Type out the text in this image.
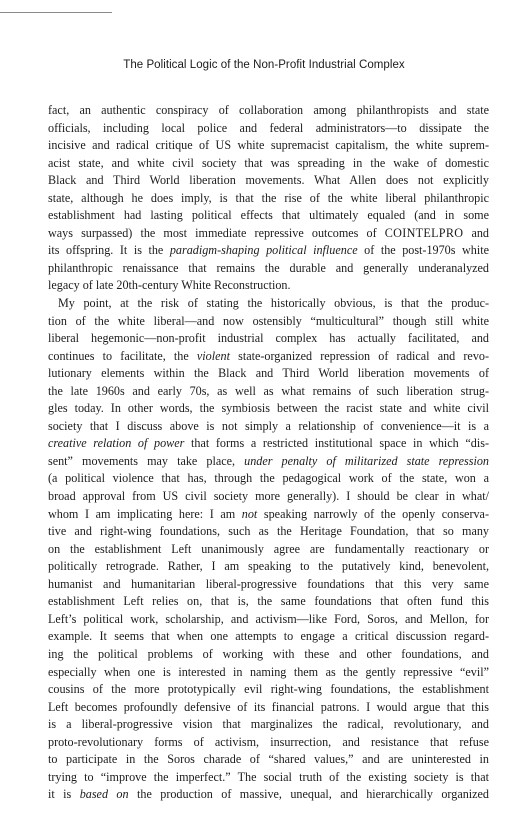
The Political Logic of the Non-Profit Industrial Complex
fact, an authentic conspiracy of collaboration among philanthropists and state
officials, including local police and federal administrators—to dissipate the
incisive and radical critique of US white supremacist capitalism, the white suprem-
acist state, and white civil society that was spreading in the wake of domestic
Black and Third World liberation movements. What Allen does not explicitly
state, although he does imply, is that the rise of the white liberal philanthropic
establishment had lasting political effects that ultimately equaled (and in some
ways surpassed) the most immediate repressive outcomes of COINTELPRO and
its offspring. It is the paradigm-shaping political influence of the post-1970s white
philanthropic renaissance that remains the durable and generally underanalyzed
legacy of late 20th-century White Reconstruction.
My point, at the risk of stating the historically obvious, is that the produc-
tion of the white liberal—and now ostensibly “multicultural” though still white
liberal hegemonic—non-profit industrial complex has actually facilitated, and
continues to facilitate, the violent state-organized repression of radical and revo-
lutionary elements within the Black and Third World liberation movements of
the late 1960s and early 70s, as well as what remains of such liberation strug-
gles today. In other words, the symbiosis between the racist state and white civil
society that I discuss above is not simply a relationship of convenience—it is a
creative relation of power that forms a restricted institutional space in which “dis-
sent” movements may take place, under penalty of militarized state repression
(a political violence that has, through the pedagogical work of the state, won a
broad approval from US civil society more generally). I should be clear in what/
whom I am implicating here: I am not speaking narrowly of the openly conserva-
tive and right-wing foundations, such as the Heritage Foundation, that so many
on the establishment Left unanimously agree are fundamentally reactionary or
politically retrograde. Rather, I am speaking to the putatively kind, benevolent,
humanist and humanitarian liberal-progressive foundations that this very same
establishment Left relies on, that is, the same foundations that often fund this
Left’s political work, scholarship, and activism—like Ford, Soros, and Mellon, for
example. It seems that when one attempts to engage a critical discussion regard-
ing the political problems of working with these and other foundations, and
especially when one is interested in naming them as the gently repressive “evil”
cousins of the more prototypically evil right-wing foundations, the establishment
Left becomes profoundly defensive of its financial patrons. I would argue that this
is a liberal-progressive vision that marginalizes the radical, revolutionary, and
proto-revolutionary forms of activism, insurrection, and resistance that refuse
to participate in the Soros charade of “shared values,” and are uninterested in
trying to “improve the imperfect.” The social truth of the existing society is that
it is based on the production of massive, unequal, and hierarchically organized
